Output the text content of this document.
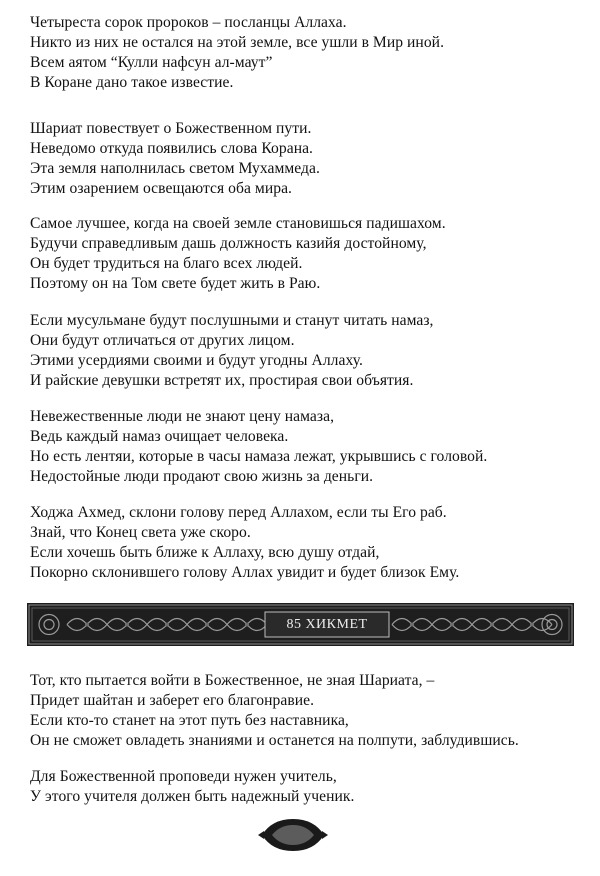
Четыреста сорок пророков – посланцы Аллаха.
Никто из них не остался на этой земле, все ушли в Мир иной.
Всем аятом “Кулли нафсун ал-маут”
В Коране дано такое известие.
Шариат повествует о Божественном пути.
Неведомо откуда появились слова Корана.
Эта земля наполнилась светом Мухаммеда.
Этим озарением освещаются оба мира.
Самое лучшее, когда на своей земле становишься падишахом.
Будучи справедливым дашь должность казийя достойному,
Он будет трудиться на благо всех людей.
Поэтому он на Том свете будет жить в Раю.
Если мусульмане будут послушными и станут читать намаз,
Они будут отличаться от других лицом.
Этими усердиями своими и будут угодны Аллаху.
И райские девушки встретят их, простирая свои объятия.
Невежественные люди не знают цену намаза,
Ведь каждый намаз очищает человека.
Но есть лентяи, которые в часы намаза лежат, укрывшись с головой.
Недостойные люди продают свою жизнь за деньги.
Ходжа Ахмед, склони голову перед Аллахом, если ты Его раб.
Знай, что Конец света уже скоро.
Если хочешь быть ближе к Аллаху, всю душу отдай,
Покорно склонившего голову Аллах увидит и будет близок Ему.
85 ХИКМЕТ
Тот, кто пытается войти в Божественное, не зная Шариата, –
Придет шайтан и заберет его благонравие.
Если кто-то станет на этот путь без наставника,
Он не сможет овладеть знаниями и останется на полпути, заблудившись.
Для Божественной проповеди нужен учитель,
У этого учителя должен быть надежный ученик.
